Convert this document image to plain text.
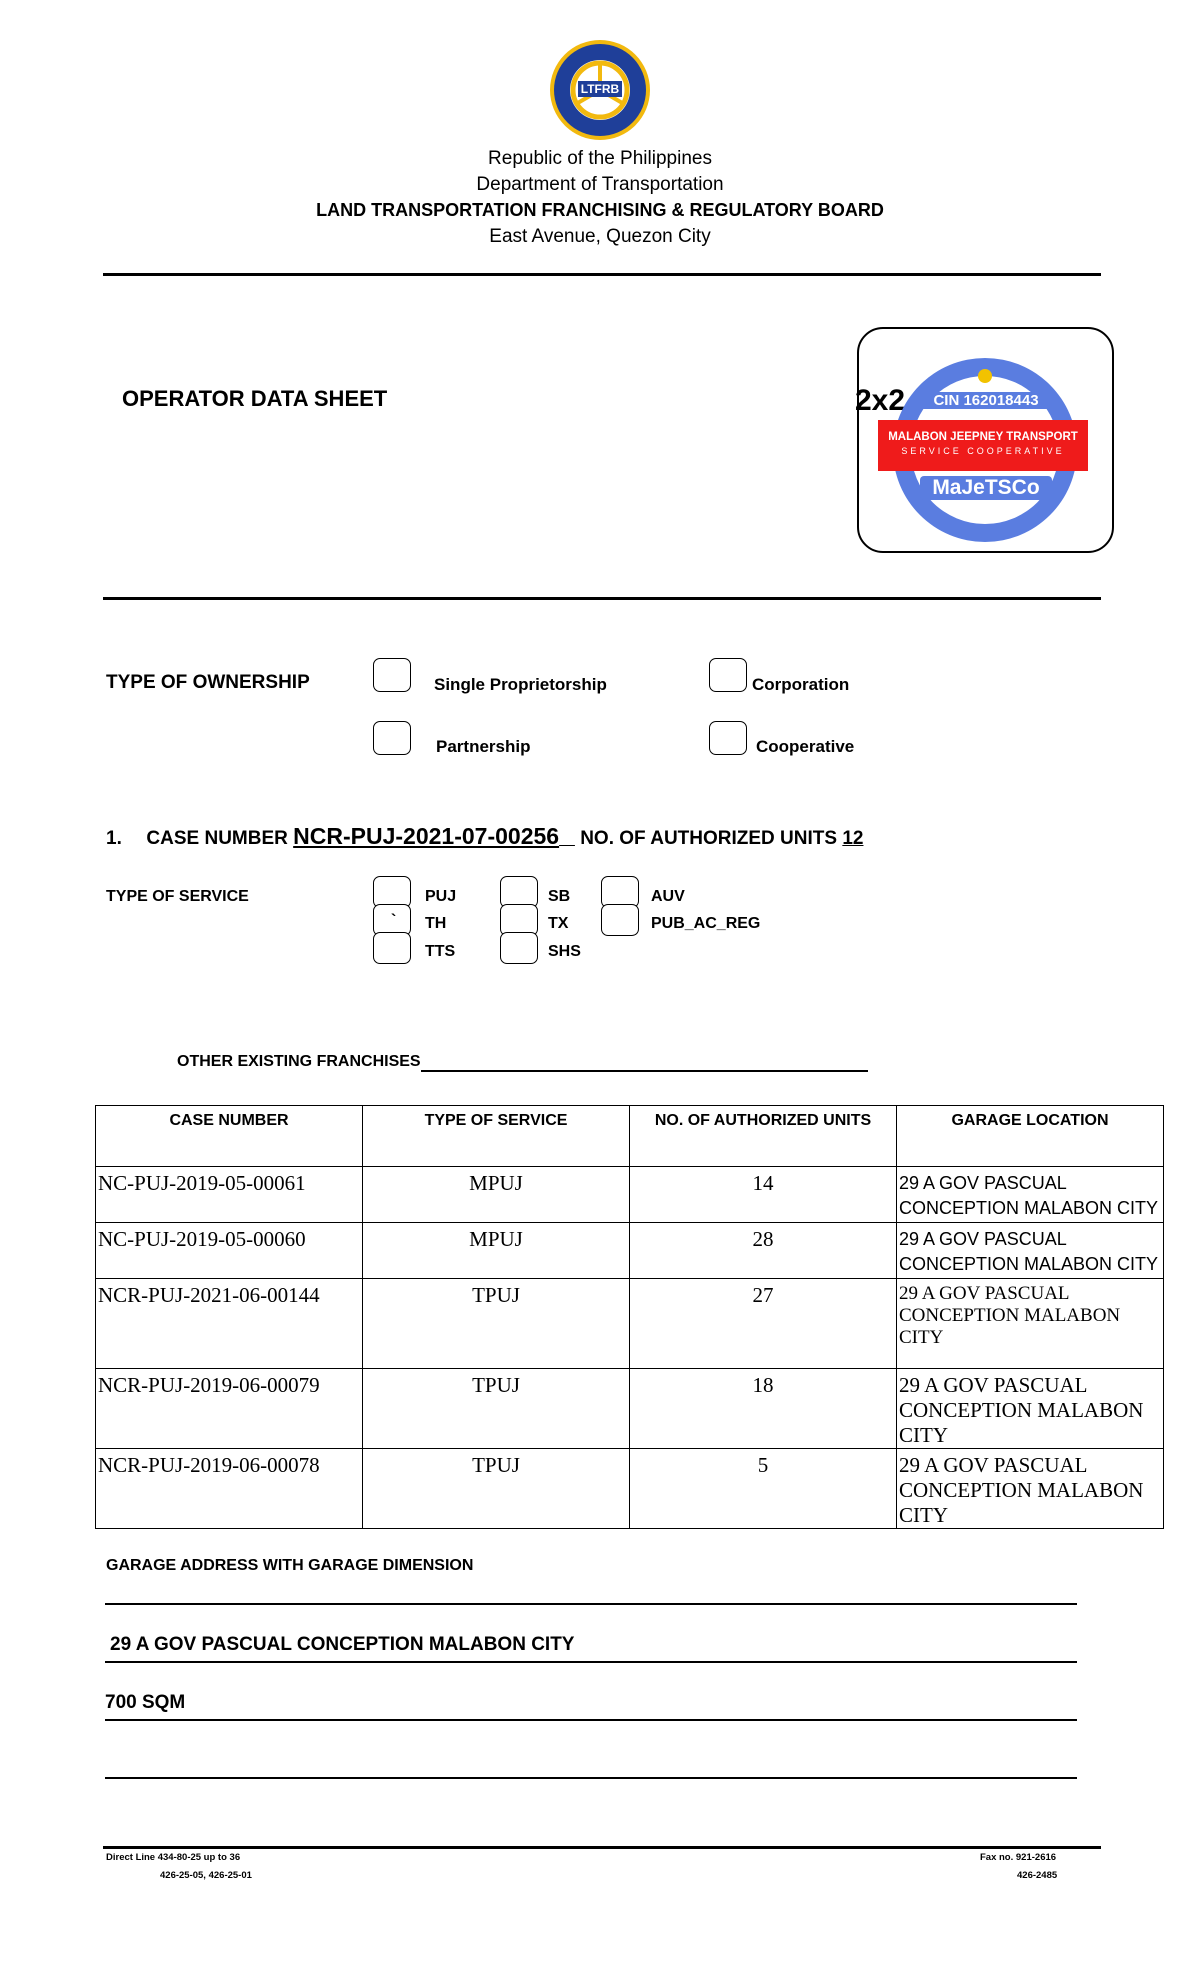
LTFRB
Republic of the Philippines
Department of Transportation
LAND TRANSPORTATION FRANCHISING & REGULATORY BOARD
East Avenue, Quezon City
OPERATOR DATA SHEET	2x2	CIN 162018443
MALABON JEEPNEY TRANSPORT
SERVICE COOPERATIVE
MaJeTSCo
TYPE OF OWNERSHIP	Single Proprietorship	Corporation
Partnership	Cooperative
1. CASE NUMBER NCR-PUJ-2021-07-00256 NO. OF AUTHORIZED UNITS 12
TYPE OF SERVICE	PUJ	SB	AUV
` TH	TX	PUB_AC_REG
TTS	SHS
OTHER EXISTING FRANCHISES
CASE NUMBER	TYPE OF SERVICE	NO. OF AUTHORIZED UNITS	GARAGE LOCATION
NC-PUJ-2019-05-00061	MPUJ	14	29 A GOV PASCUAL CONCEPTION MALABON CITY
NC-PUJ-2019-05-00060	MPUJ	28	29 A GOV PASCUAL CONCEPTION MALABON CITY
NCR-PUJ-2021-06-00144	TPUJ	27	29 A GOV PASCUAL CONCEPTION MALABON CITY
NCR-PUJ-2019-06-00079	TPUJ	18	29 A GOV PASCUAL CONCEPTION MALABON CITY
NCR-PUJ-2019-06-00078	TPUJ	5	29 A GOV PASCUAL CONCEPTION MALABON CITY
GARAGE ADDRESS WITH GARAGE DIMENSION
29 A GOV PASCUAL CONCEPTION MALABON CITY
700 SQM
Direct Line 434-80-25 up to 36
426-25-05, 426-25-01
Fax no. 921-2616
426-2485
